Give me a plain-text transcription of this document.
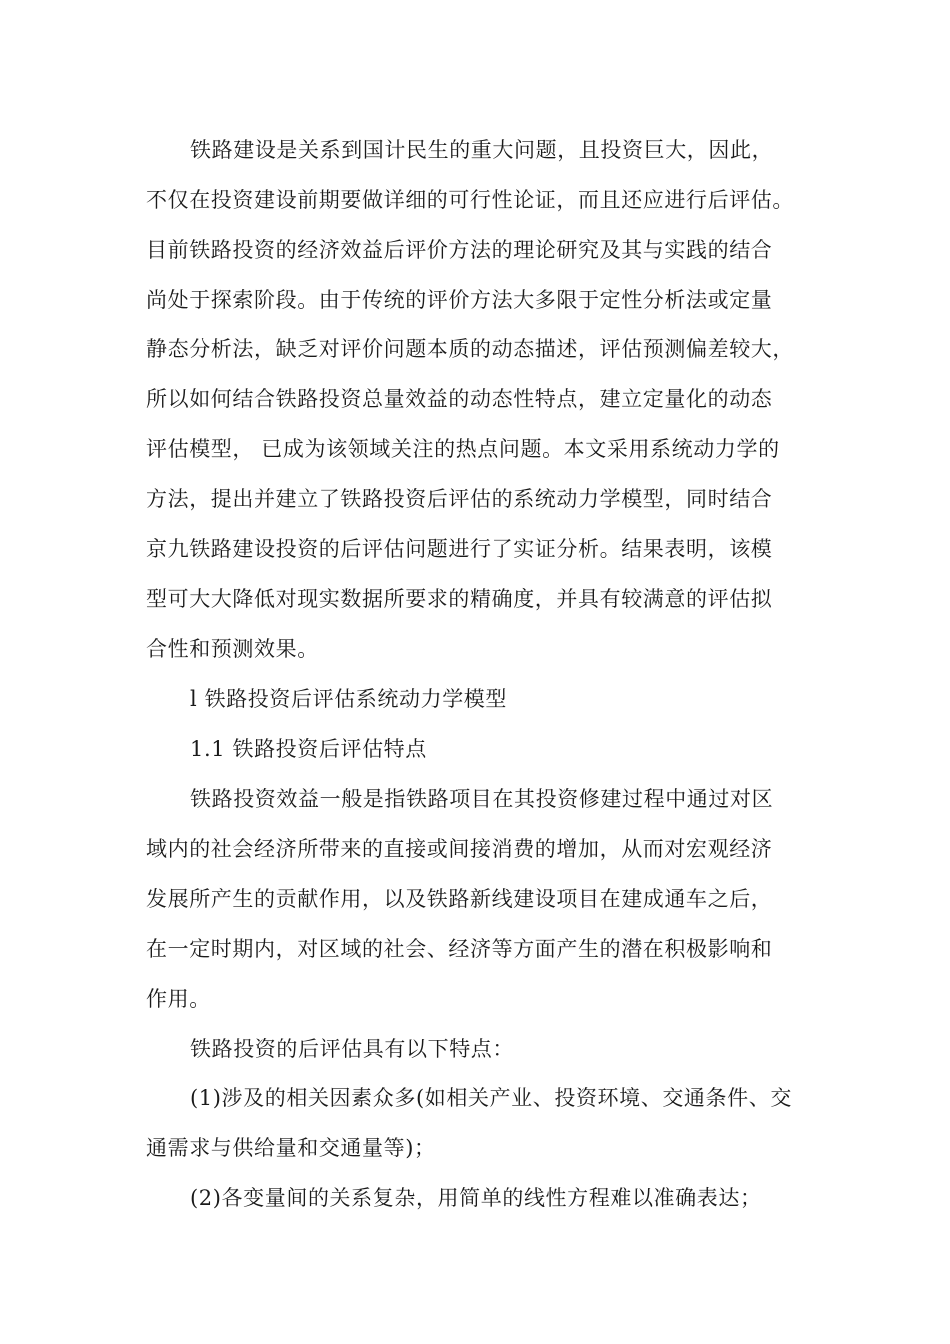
铁路建设是关系到国计民生的重大问题，且投资巨大，因此，
不仅在投资建设前期要做详细的可行性论证，而且还应进行后评估。
目前铁路投资的经济效益后评价方法的理论研究及其与实践的结合
尚处于探索阶段。由于传统的评价方法大多限于定性分析法或定量
静态分析法，缺乏对评价问题本质的动态描述，评估预测偏差较大，
所以如何结合铁路投资总量效益的动态性特点，建立定量化的动态
评估模型， 已成为该领域关注的热点问题。本文采用系统动力学的
方法，提出并建立了铁路投资后评估的系统动力学模型，同时结合
京九铁路建设投资的后评估问题进行了实证分析。结果表明，该模
型可大大降低对现实数据所要求的精确度，并具有较满意的评估拟
合性和预测效果。
l 铁路投资后评估系统动力学模型
1.1 铁路投资后评估特点
铁路投资效益一般是指铁路项目在其投资修建过程中通过对区
域内的社会经济所带来的直接或间接消费的增加，从而对宏观经济
发展所产生的贡献作用，以及铁路新线建设项目在建成通车之后，
在一定时期内，对区域的社会、经济等方面产生的潜在积极影响和
作用。
铁路投资的后评估具有以下特点：
(1)涉及的相关因素众多(如相关产业、投资环境、交通条件、交
通需求与供给量和交通量等)；
(2)各变量间的关系复杂，用简单的线性方程难以准确表达；
